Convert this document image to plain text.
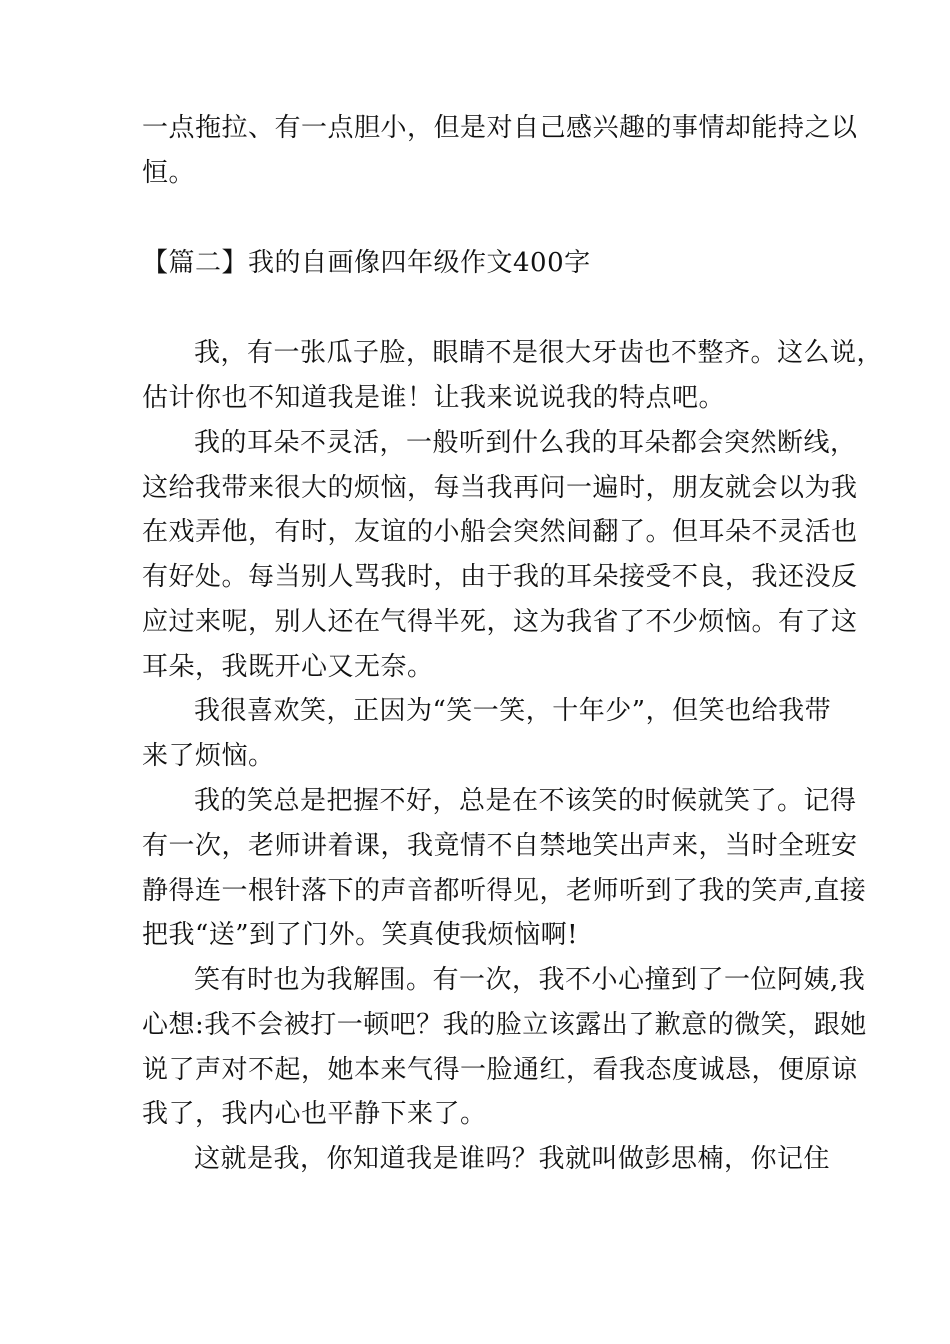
一点拖拉、有一点胆小，但是对自己感兴趣的事情却能持之以
恒。
【篇二】我的自画像四年级作文400字
我，有一张瓜子脸，眼睛不是很大牙齿也不整齐。这么说，
估计你也不知道我是谁！让我来说说我的特点吧。
我的耳朵不灵活，一般听到什么我的耳朵都会突然断线，
这给我带来很大的烦恼，每当我再问一遍时，朋友就会以为我
在戏弄他，有时，友谊的小船会突然间翻了。但耳朵不灵活也
有好处。每当别人骂我时，由于我的耳朵接受不良，我还没反
应过来呢，别人还在气得半死，这为我省了不少烦恼。有了这
耳朵，我既开心又无奈。
我很喜欢笑，正因为“笑一笑，十年少”，但笑也给我带
来了烦恼。
我的笑总是把握不好，总是在不该笑的时候就笑了。记得
有一次，老师讲着课，我竟情不自禁地笑出声来，当时全班安
静得连一根针落下的声音都听得见，老师听到了我的笑声,直接
把我“送”到了门外。笑真使我烦恼啊!
笑有时也为我解围。有一次，我不小心撞到了一位阿姨,我
心想:我不会被打一顿吧？我的脸立该露出了歉意的微笑，跟她
说了声对不起，她本来气得一脸通红，看我态度诚恳，便原谅
我了，我内心也平静下来了。
这就是我，你知道我是谁吗？我就叫做彭思楠，你记住
